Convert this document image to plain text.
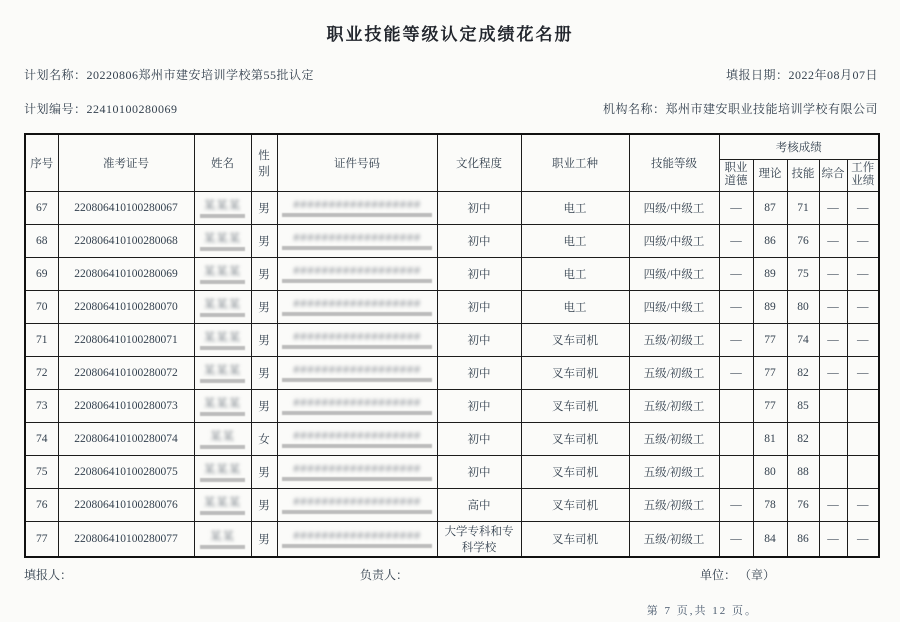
职业技能等级认定成绩花名册
计划名称：20220806郑州市建安培训学校第55批认定	填报日期：2022年08月07日
计划编号：22410100280069	机构名称：郑州市建安职业技能培训学校有限公司
序号	准考证号	姓名	性别	证件号码	文化程度	职业工种	技能等级	考核成绩				
								职业道德	理论	技能	综合	工作业绩
67	220806410100280067	某某某	男	##################	初中	电工	四级/中级工	—	87	71	—	—
68	220806410100280068	某某某	男	##################	初中	电工	四级/中级工	—	86	76	—	—
69	220806410100280069	某某某	男	##################	初中	电工	四级/中级工	—	89	75	—	—
70	220806410100280070	某某某	男	##################	初中	电工	四级/中级工	—	89	80	—	—
71	220806410100280071	某某某	男	##################	初中	叉车司机	五级/初级工	—	77	74	—	—
72	220806410100280072	某某某	男	##################	初中	叉车司机	五级/初级工	—	77	82	—	—
73	220806410100280073	某某某	男	##################	初中	叉车司机	五级/初级工		77	85		
74	220806410100280074	某某	女	##################	初中	叉车司机	五级/初级工		81	82		
75	220806410100280075	某某某	男	##################	初中	叉车司机	五级/初级工		80	88		
76	220806410100280076	某某某	男	##################	高中	叉车司机	五级/初级工	—	78	76	—	—
77	220806410100280077	某某	男	##################	大学专科和专科学校	叉车司机	五级/初级工	—	84	86	—	—
填报人：	负责人：	单位： （章）
第 7 页,共 12 页。
